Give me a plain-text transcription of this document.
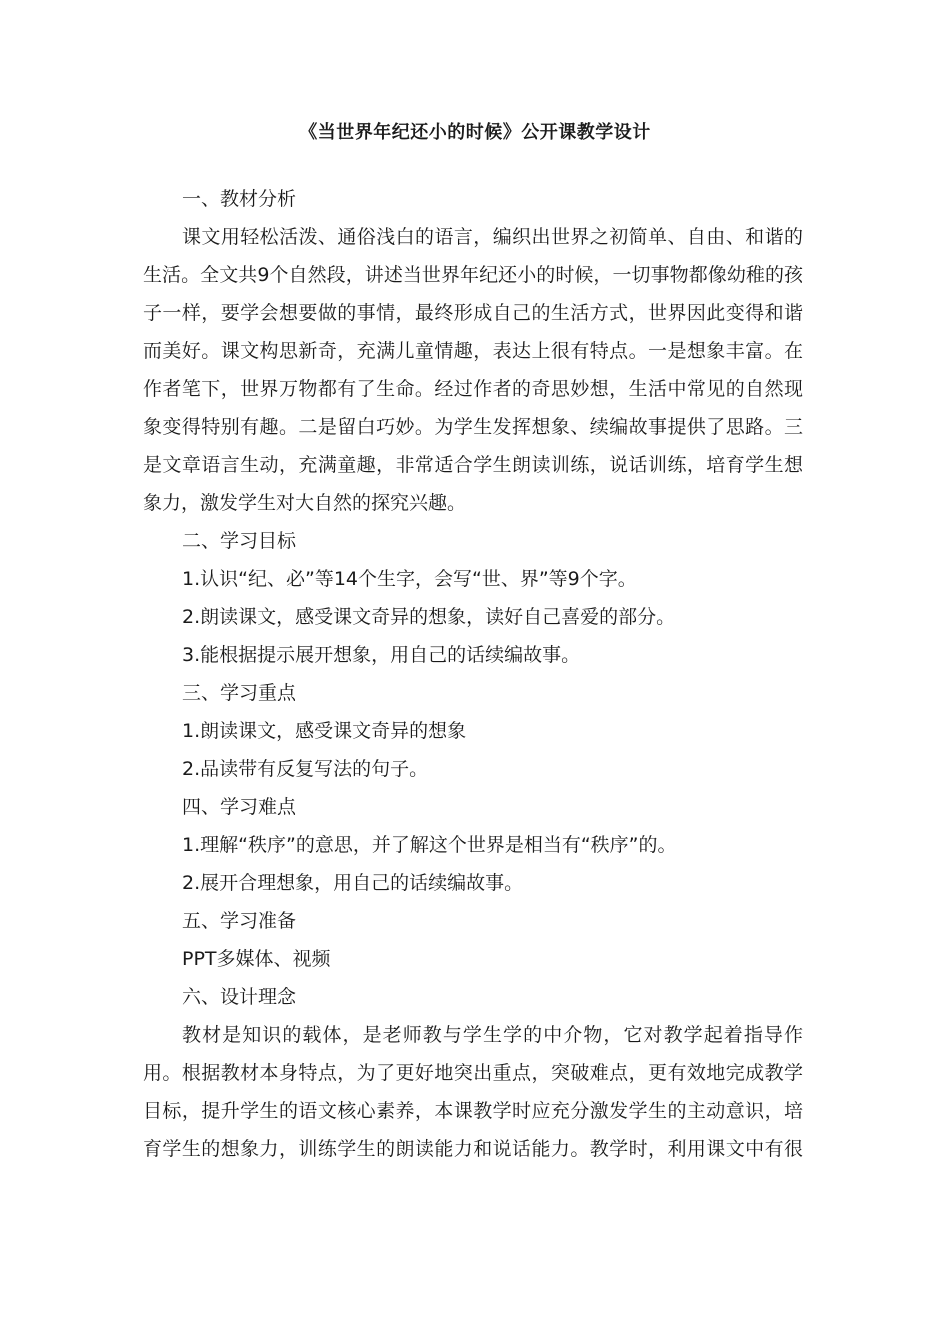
《当世界年纪还小的时候》公开课教学设计
一、教材分析
课文用轻松活泼、通俗浅白的语言，编织出世界之初简单、自由、和谐的
生活。全文共9个自然段，讲述当世界年纪还小的时候，一切事物都像幼稚的孩
子一样，要学会想要做的事情，最终形成自己的生活方式，世界因此变得和谐
而美好。课文构思新奇，充满儿童情趣，表达上很有特点。一是想象丰富。在
作者笔下，世界万物都有了生命。经过作者的奇思妙想，生活中常见的自然现
象变得特别有趣。二是留白巧妙。为学生发挥想象、续编故事提供了思路。三
是文章语言生动，充满童趣，非常适合学生朗读训练，说话训练，培育学生想
象力，激发学生对大自然的探究兴趣。
二、学习目标
1.认识“纪、必”等14个生字，会写“世、界”等9个字。
2.朗读课文，感受课文奇异的想象，读好自己喜爱的部分。
3.能根据提示展开想象，用自己的话续编故事。
三、学习重点
1.朗读课文，感受课文奇异的想象
2.品读带有反复写法的句子。
四、学习难点
1.理解“秩序”的意思，并了解这个世界是相当有“秩序”的。
2.展开合理想象，用自己的话续编故事。
五、学习准备
PPT多媒体、视频
六、设计理念
教材是知识的载体，是老师教与学生学的中介物，它对教学起着指导作
用。根据教材本身特点，为了更好地突出重点，突破难点，更有效地完成教学
目标，提升学生的语文核心素养，本课教学时应充分激发学生的主动意识，培
育学生的想象力，训练学生的朗读能力和说话能力。教学时，利用课文中有很
